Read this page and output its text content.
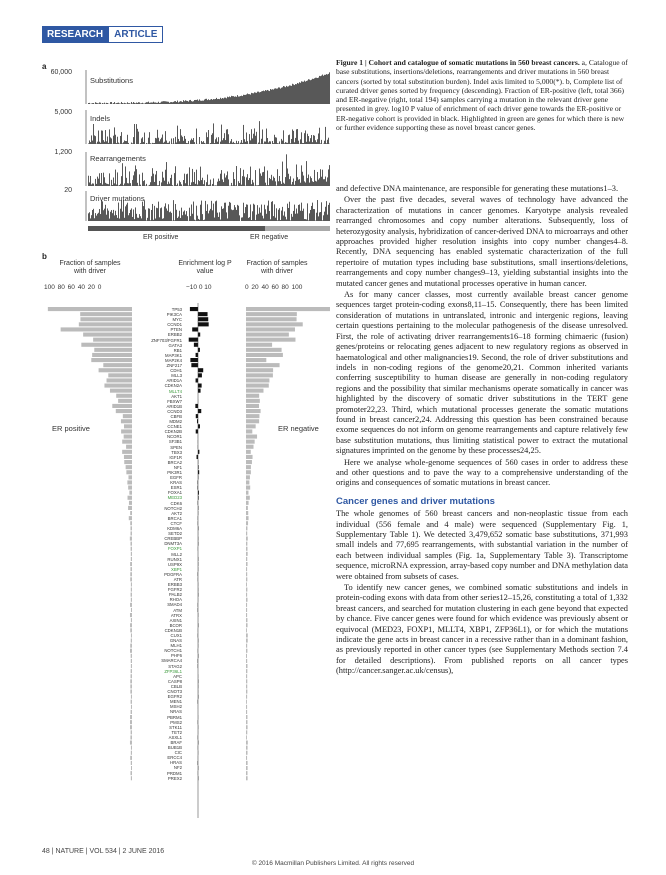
RESEARCH	ARTICLE
a
60,000
5,000
1,200
20
Substitutions
Indels
Rearrangements
Driver mutations
ER positive	ER negative
b
Fraction of samples with driver
Enrichment log P value
Fraction of samples with driver
100 80 60 40 20 0	−10 0 10	0 20 40 60 80 100
ER positive	ER negative
TP53
PIK3CA
MYC
CCND1
PTEN
ERBB2
ZNF703/FGFR1
GATA3
RB1
MAP3K1
MAP2K4
ZNF217
CDH1
MLL3
ARID1A
CDKN2A
MLLT4
AKT1
FBXW7
ARID1B
CCND3
CBFB
MDM2
CCNE1
CDKN2B
NCOR1
SF3B1
SPEN
TBX3
IGF1R
BRCA2
NF1
PIK3R1
EGFR
KRAS
ESR1
FOXA1
MED23
CDK6
NOTCH2
AKT2
BRCA1
CTCF
KDM6A
SETD2
CREBBP
DNMT3A
FOXP1
MLL2
RUNX1
USP9X
XBP1
PDGFRA
ATR
ERBB3
FGFR2
PALB2
RHOA
SMAD4
ATM
ATRX
AXIN1
BCOR
CDKN1B
CUX1
GNAS
MLH1
NOTCH1
PHF6
SMARCA4
STAG2
ZFP36L1
APC
CASP8
CBLB
CNOT3
EGFR2
MEN1
MSH2
NRAS
PBRM1
PMS2
STK11
TET2
ASXL1
BRAF
BUB1B
CIC
ERCC4
HRAS
NF2
PRDM1
PREX2
Figure 1 | Cohort and catalogue of somatic mutations in 560 breast cancers. a, Catalogue of base substitutions, insertions/deletions, rearrangements and driver mutations in 560 breast cancers (sorted by total substitution burden). Indel axis limited to 5,000(*). b, Complete list of curated driver genes sorted by frequency (descending). Fraction of ER-positive (left, total 366) and ER-negative (right, total 194) samples carrying a mutation in the relevant driver gene presented in grey. log10 P value of enrichment of each driver gene towards the ER-positive or ER-negative cohort is provided in black. Highlighted in green are genes for which there is new or further evidence supporting these as novel breast cancer genes.

and defective DNA maintenance, are responsible for generating these mutations1–3.

Over the past five decades, several waves of technology have advanced the characterization of mutations in cancer genomes. Karyotype analysis revealed rearranged chromosomes and copy number alterations. Subsequently, loss of heterozygosity analysis, hybridization of cancer-derived DNA to microarrays and other approaches provided higher resolution insights into copy number changes4–8. Recently, DNA sequencing has enabled systematic characterization of the full repertoire of mutation types including base substitutions, small insertions/deletions, rearrangements and copy number changes9–13, yielding substantial insights into the mutated cancer genes and mutational processes operative in human cancer.

As for many cancer classes, most currently available breast cancer genome sequences target protein-coding exons8,11–15. Consequently, there has been limited consideration of mutations in untranslated, intronic and intergenic regions, leaving certain questions pertaining to the molecular pathogenesis of the disease unresolved. First, the role of activating driver rearrangements16–18 forming chimaeric (fusion) genes/proteins or relocating genes adjacent to new regulatory regions as observed in haematological and other malignancies19. Second, the role of driver substitutions and indels in non-coding regions of the genome20,21. Common inherited variants conferring susceptibility to human disease are generally in non-coding regulatory regions and the possibility that similar mechanisms operate somatically in cancer was highlighted by the discovery of somatic driver substitutions in the TERT gene promoter22,23. Third, which mutational processes generate the somatic mutations found in breast cancer2,24. Addressing this question has been constrained because exome sequences do not inform on genome rearrangements and capture relatively few base substitution mutations, thus limiting statistical power to extract the mutational signatures imprinted on the genome by these processes24,25.

Here we analyse whole-genome sequences of 560 cases in order to address these and other questions and to pave the way to a comprehensive understanding of the origins and consequences of somatic mutations in breast cancer.

Cancer genes and driver mutations

The whole genomes of 560 breast cancers and non-neoplastic tissue from each individual (556 female and 4 male) were sequenced (Supplementary Fig. 1, Supplementary Table 1). We detected 3,479,652 somatic base substitutions, 371,993 small indels and 77,695 rearrangements, with substantial variation in the number of each between individual samples (Fig. 1a, Supplementary Table 3). Transcriptome sequence, microRNA expression, array-based copy number and DNA methylation data were obtained from subsets of cases.

To identify new cancer genes, we combined somatic substitutions and indels in protein-coding exons with data from other series12–15,26, constituting a total of 1,332 breast cancers, and searched for mutation clustering in each gene beyond that expected by chance. Five cancer genes were found for which evidence was previously absent or equivocal (MED23, FOXP1, MLLT4, XBP1, ZFP36L1), or for which the mutations indicate the gene acts in breast cancer in a recessive rather than in a dominant fashion, as previously reported in other cancer types (see Supplementary Methods section 7.4 for detailed descriptions). From published reports on all cancer types (http://cancer.sanger.ac.uk/census),

48 | NATURE | VOL 534 | 2 JUNE 2016
© 2016 Macmillan Publishers Limited. All rights reserved
